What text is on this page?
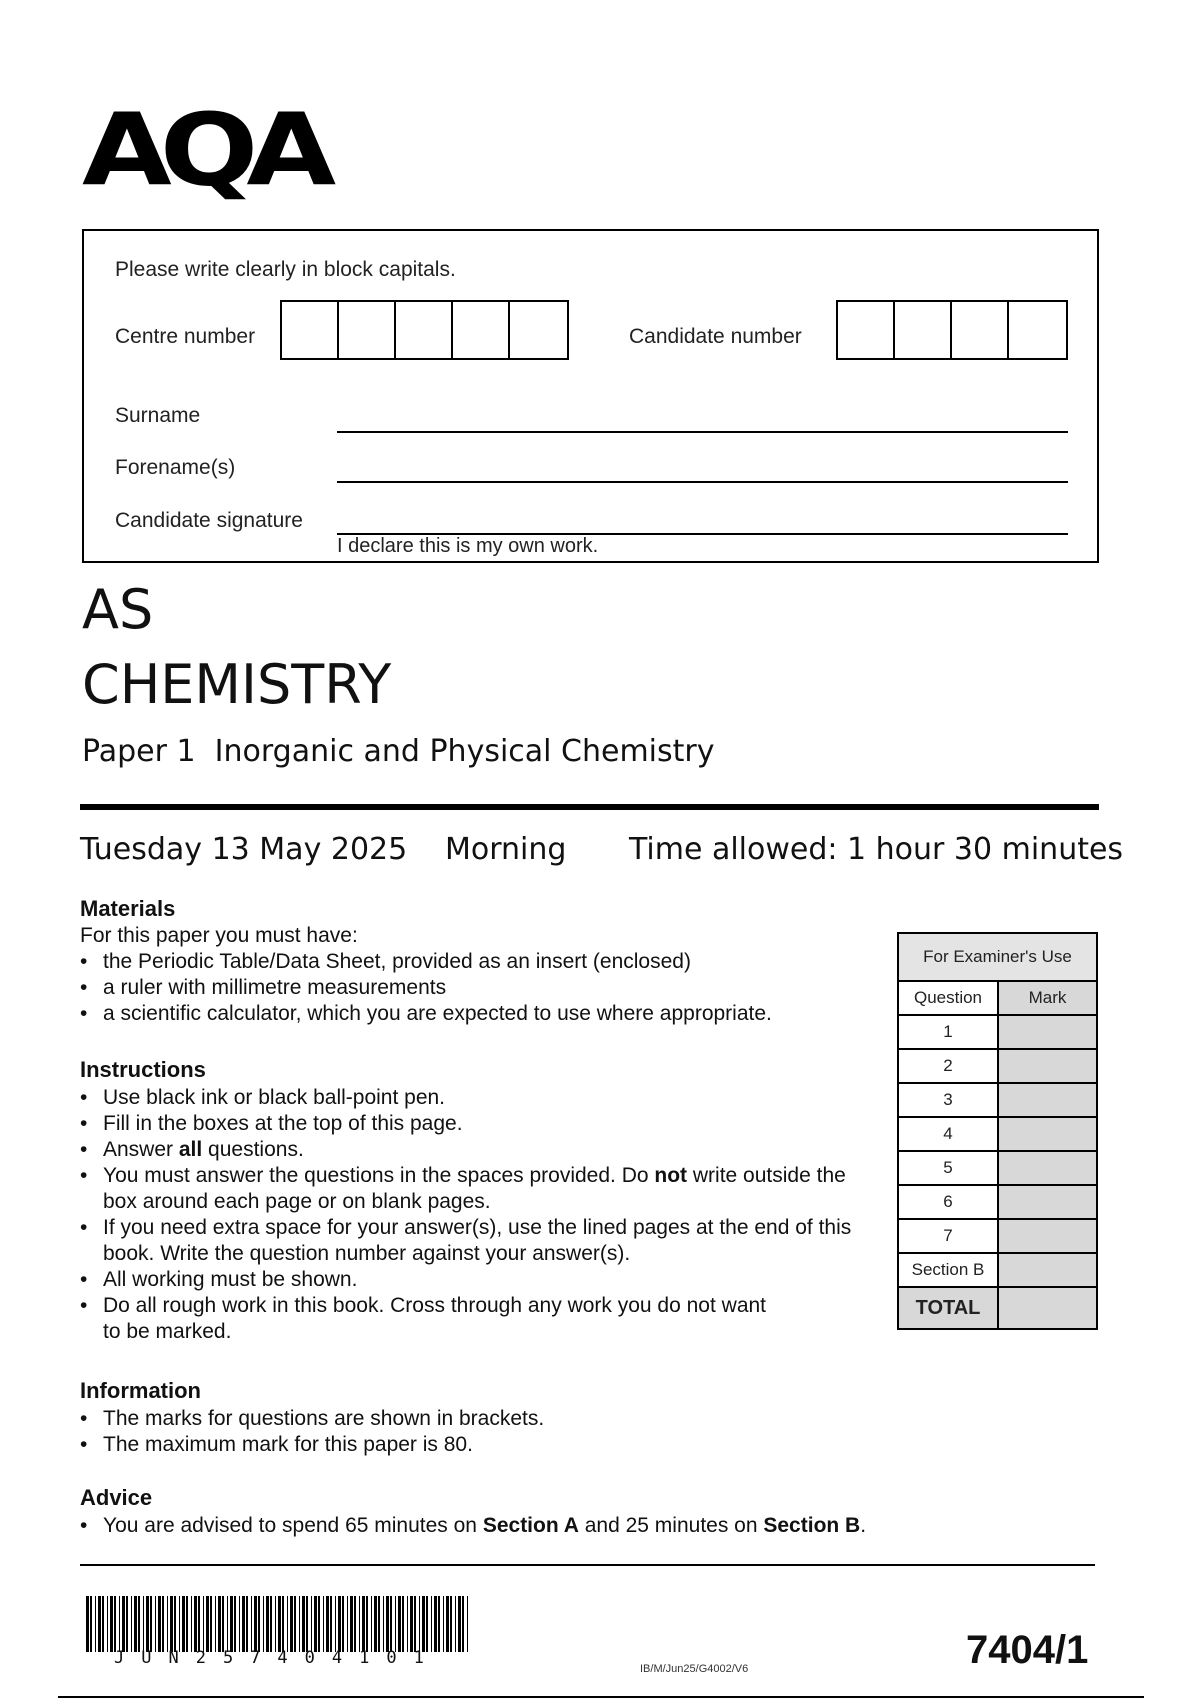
AQA
Please write clearly in block capitals.
Centre number	Candidate number
Surname
Forename(s)
Candidate signature
I declare this is my own work.
AS
CHEMISTRY
Paper 1  Inorganic and Physical Chemistry
Tuesday 13 May 2025 Morning Time allowed: 1 hour 30 minutes
Materials
For this paper you must have:
• the Periodic Table/Data Sheet, provided as an insert (enclosed)
• a ruler with millimetre measurements
• a scientific calculator, which you are expected to use where appropriate.
Instructions
• Use black ink or black ball-point pen.
• Fill in the boxes at the top of this page.
• Answer all questions.
• You must answer the questions in the spaces provided. Do not write outside the box around each page or on blank pages.
• If you need extra space for your answer(s), use the lined pages at the end of this book. Write the question number against your answer(s).
• All working must be shown.
• Do all rough work in this book. Cross through any work you do not want to be marked.
Information
• The marks for questions are shown in brackets.
• The maximum mark for this paper is 80.
Advice
• You are advised to spend 65 minutes on Section A and 25 minutes on Section B.
For Examiner's Use	
Question	Mark
1	
2	
3	
4	
5	
6	
7	
Section B	
TOTAL	
JUN257404101
IB/M/Jun25/G4002/V6	7404/1
